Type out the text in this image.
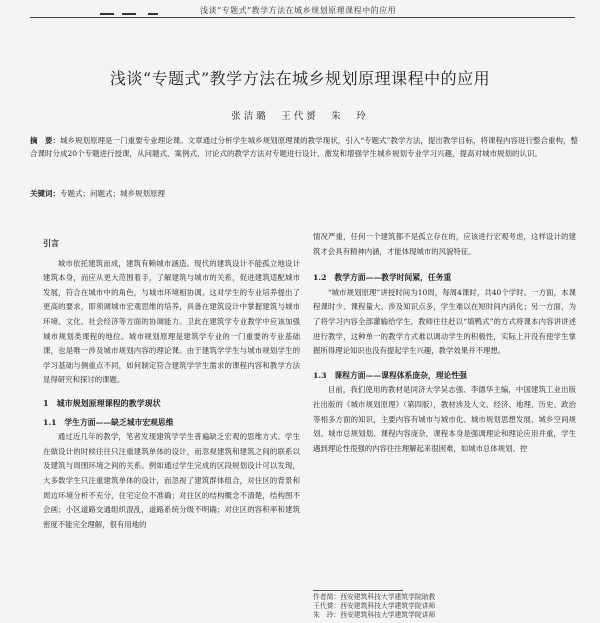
浅谈“专题式”教学方法在城乡规划原理课程中的应用
浅谈“专题式”教学方法在城乡规划原理课程中的应用
张洁璐　王代赟　朱　玲
摘　要：城乡规划原理是一门重要专业理论课。文章通过分析学生城乡规划原理课的教学现状，引入“专题式”教学方法，提出教学目标，将课程内容进行整合重构，整合课时分成20个专题进行授课，从问题式、案例式、讨论式的教学方法对专题进行设计，激发和增强学生城乡规划专业学习兴趣，提高对城市规划的认识。
关键词：专题式；问题式；城乡规划原理
引言

城市依托建筑而成，建筑有赖城市涵造。现代的建筑设计不能孤立地设计建筑本身，而应从更大范围着手，了解建筑与城市的关系，促进建筑适配城市发展，符合在城市中的角色，与城市环境相协调。这对学生的专业培养提出了更高的要求，即须调城市宏观思维的培养，具备在建筑设计中掌握建筑与城市环境、文化、社会经济等方面的协调能力。卫此在建筑学专业教学中应该加强城市规划类课程的地位。城市规划原理是建筑学专业的一门重要的专业基础课，也是唯一涉及城市规划内容的理论课。由于建筑学学生与城市规划学生的学习基础与侧重点不同，如何制定符合建筑学学生需求的课程内容和教学方法显得研究和探讨的课题。

1　城市规划原理课程的教学现状
1.1　学生方面——缺乏城市宏观思维

通过近几年的教学，笔者发现建筑学学生普遍缺乏宏观的思维方式。学生在做设计的时候往往只注重建筑单体的设计，而忽视建筑和建筑之间的联系以及建筑与周围环境之间的关系。例如通过学生完成的区段规划设计可以发现，大多数学生只注重建筑单体的设计，而忽视了建筑群体组合，对住区的背景和周边环境分析不充分，住宅定位不准确；对住区的结构概念不清楚，结构图不会画；小区道路交通组织混乱，道路系统分级不明确；对住区的容积率和建筑密度不能完全理解，很有用地的

情况严重，任何一个建筑都不是孤立存在的，应该进行宏观考虑，这样设计的建筑才会具有精神内涵，才能体现城市的风貌特征。

1.2　教学方面——教学时间紧，任务重

“城市规划原理”讲授时间为10周，每周4课时，共40个学时。一方面，本课程课时少、课程量大、涉及知识点多，学生难以在短时间内消化；另一方面，为了将学习内容全部灌输给学生，教师往往赶以“填鸭式”的方式将课本内容讲讲述进行教学，这种单一的教学方式难以调动学生的积极性，实际上开没有使学生掌握所得理论知识也没有提起学生兴趣，教学效果并不理想。

1.3　课程方面——课程体系庞杂，理论性强

目前，我们使用的教材是同济大学吴志强、李德华主编，中国建筑工业出版社出版的《城市规划原理》（第四版），教材涉及人文、经济、地理、历史、政治等相多方面的知识，主要内容有城市与城市化、城市规划思想发展、城乡空间规划、城市总规划划、课程内容庞杂，课程本身是强调理论和理论应用并重，学生遇到理论性很强的内容往往理解起来很困难，如城市总体规划、控

作者简：西安建筑科技大学建筑学院助教
王代赟：西安建筑科技大学建筑学院讲师
朱　玲：西安建筑科技大学建筑学院讲师
